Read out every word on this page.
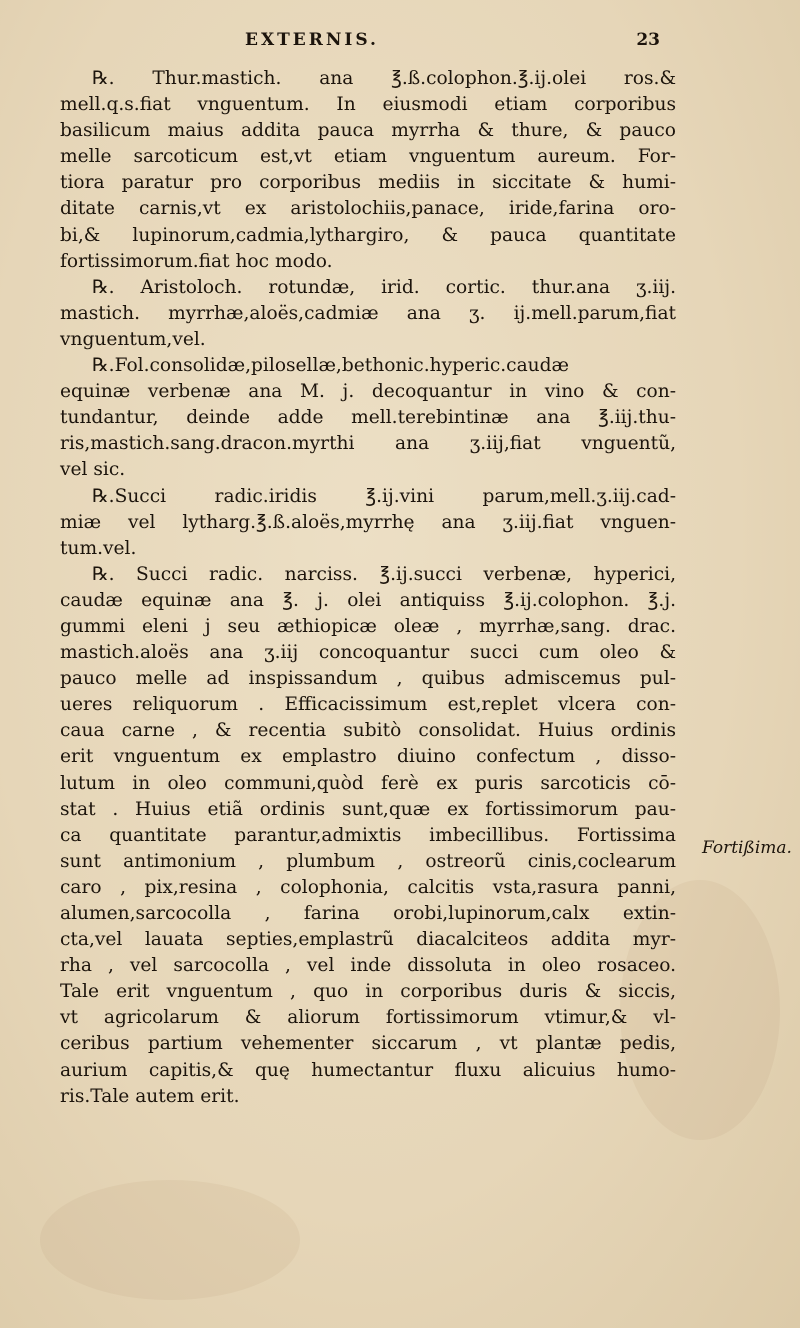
EXTERNIS.	23
℞. Thur.mastich. ana ℥.ß.colophon.℥.ij.olei ros.&
mell.q.s.fiat vnguentum. In eiusmodi etiam corporibus
basilicum maius addita pauca myrrha & thure, & pauco
melle sarcoticum est,vt etiam vnguentum aureum. For-
tiora paratur pro corporibus mediis in siccitate & humi-
ditate carnis,vt ex aristolochiis,panace, iride,farina oro-
bi,& lupinorum,cadmia,lythargiro, & pauca quantitate
fortissimorum.fiat hoc modo.
℞. Aristoloch. rotundæ, irid. cortic. thur.ana ʒ.iij.
mastich. myrrhæ,aloës,cadmiæ ana ʒ. ij.mell.parum,fiat
vnguentum,vel.
℞.Fol.consolidæ,pilosellæ,bethonic.hyperic.caudæ
equinæ verbenæ ana M. j. decoquantur in vino & con-
tundantur, deinde adde mell.terebintinæ ana ℥.iij.thu-
ris,mastich.sang.dracon.myrthi ana ʒ.iij,fiat vnguentũ,
vel sic.
℞.Succi radic.iridis ℥.ij.vini parum,mell.ʒ.iij.cad-
miæ vel lytharg.℥.ß.aloës,myrrhę ana ʒ.iij.fiat vnguen-
tum.vel.
℞. Succi radic. narciss. ℥.ij.succi verbenæ, hyperici,
caudæ equinæ ana ℥. j. olei antiquiss ℥.ij.colophon. ℥.j.
gummi eleni j seu æthiopicæ oleæ , myrrhæ,sang. drac.
mastich.aloës ana ʒ.iij concoquantur succi cum oleo &
pauco melle ad inspissandum , quibus admiscemus pul-
ueres reliquorum . Efficacissimum est,replet vlcera con-
caua carne , & recentia subitò consolidat. Huius ordinis
erit vnguentum ex emplastro diuino confectum , disso-
lutum in oleo communi,quòd ferè ex puris sarcoticis cō-
stat . Huius etiã ordinis sunt,quæ ex fortissimorum pau-
ca quantitate parantur,admixtis imbecillibus. Fortissima
sunt antimonium , plumbum , ostreorũ cinis,coclearum
caro , pix,resina , colophonia, calcitis vsta,rasura panni,
alumen,sarcocolla , farina orobi,lupinorum,calx extin-
cta,vel lauata septies,emplastrũ diacalciteos addita myr-
rha , vel sarcocolla , vel inde dissoluta in oleo rosaceo.
Tale erit vnguentum , quo in corporibus duris & siccis,
vt agricolarum & aliorum fortissimorum vtimur,& vl-
ceribus partium vehementer siccarum , vt plantæ pedis,
aurium capitis,& quę humectantur fluxu alicuius humo-
ris.Tale autem erit.
Fortißima.
